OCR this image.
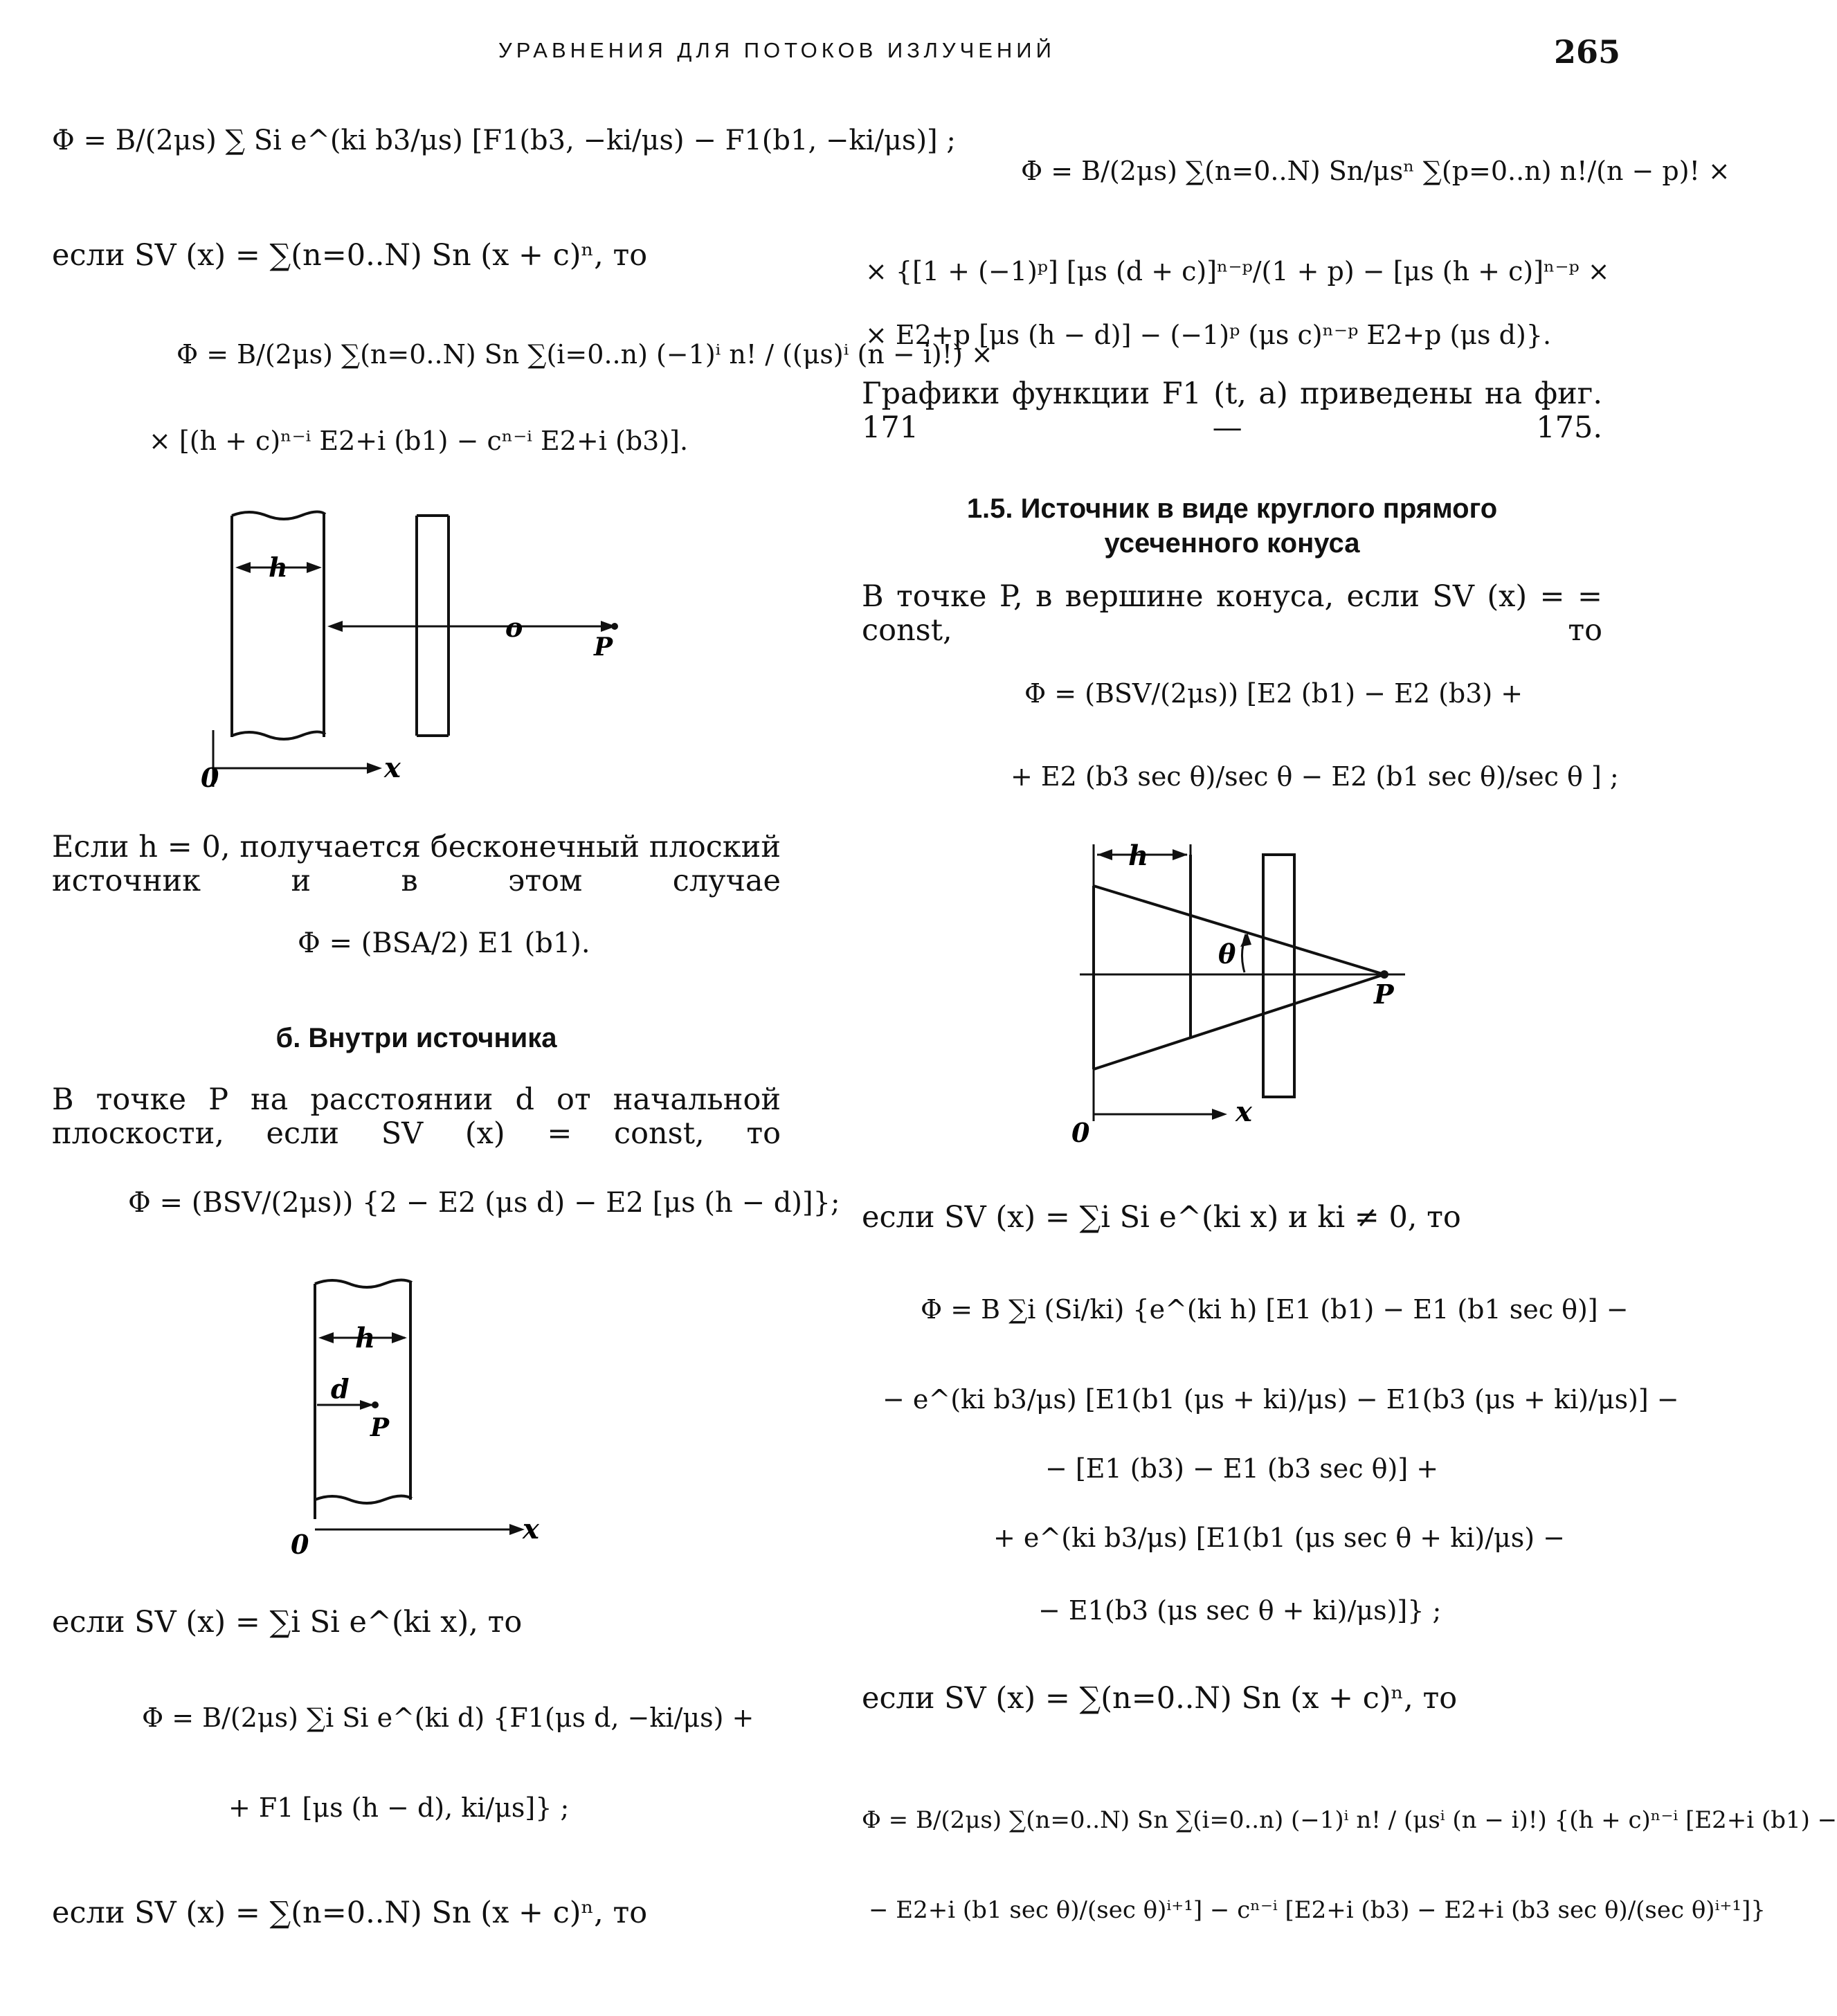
УРАВНЕНИЯ ДЛЯ ПОТОКОВ ИЗЛУЧЕНИЙ	265
Φ = B/(2μs) ∑ Si e^(ki b3/μs) [F1(b3, −ki/μs) − F1(b1, −ki/μs)] ;
если SV (x) = ∑(n=0..N) Sn (x + c)ⁿ, то
Φ = B/(2μs) ∑(n=0..N) Sn ∑(i=0..n) (−1)ⁱ n! / ((μs)ⁱ (n − i)!) ×
× [(h + c)ⁿ⁻ⁱ E2+i (b1) − cⁿ⁻ⁱ E2+i (b3)].
h
o
P
0	x
Если h = 0, получается бесконечный плоский источник и в этом случае
Φ = (BSA/2) E1 (b1).
б. Внутри источника
В точке P на расстоянии d от начальной плоскости, если SV (x) = const, то
Φ = (BSV/(2μs)) {2 − E2 (μs d) − E2 [μs (h − d)]};
h
d
P
0	x
если SV (x) = ∑i Si e^(ki x), то
Φ = B/(2μs) ∑i Si e^(ki d) {F1(μs d, −ki/μs) +
+ F1 [μs (h − d), ki/μs]} ;
если SV (x) = ∑(n=0..N) Sn (x + c)ⁿ, то
Φ = B/(2μs) ∑(n=0..N) Sn/μsⁿ ∑(p=0..n) n!/(n − p)! ×
× {[1 + (−1)ᵖ] [μs (d + c)]ⁿ⁻ᵖ/(1 + p) − [μs (h + c)]ⁿ⁻ᵖ ×
× E2+p [μs (h − d)] − (−1)ᵖ (μs c)ⁿ⁻ᵖ E2+p (μs d)}.
Графики функции F1 (t, a) приведены на фиг. 171 — 175.
1.5. Источник в виде круглого прямого
усеченного конуса
В точке P, в вершине конуса, если SV (x) = = const, то
Φ = (BSV/(2μs)) [E2 (b1) − E2 (b3) +
+ E2 (b3 sec θ)/sec θ − E2 (b1 sec θ)/sec θ ] ;
h
θ
P
0
x
если SV (x) = ∑i Si e^(ki x) и ki ≠ 0, то
Φ = B ∑i (Si/ki) {e^(ki h) [E1 (b1) − E1 (b1 sec θ)] −
− e^(ki b3/μs) [E1(b1 (μs + ki)/μs) − E1(b3 (μs + ki)/μs)] −
− [E1 (b3) − E1 (b3 sec θ)] +
+ e^(ki b3/μs) [E1(b1 (μs sec θ + ki)/μs) −
− E1(b3 (μs sec θ + ki)/μs)]} ;
если SV (x) = ∑(n=0..N) Sn (x + c)ⁿ, то
Φ = B/(2μs) ∑(n=0..N) Sn ∑(i=0..n) (−1)ⁱ n! / (μsⁱ (n − i)!) {(h + c)ⁿ⁻ⁱ [E2+i (b1) −
− E2+i (b1 sec θ)/(sec θ)ⁱ⁺¹] − cⁿ⁻ⁱ [E2+i (b3) − E2+i (b3 sec θ)/(sec θ)ⁱ⁺¹]}
